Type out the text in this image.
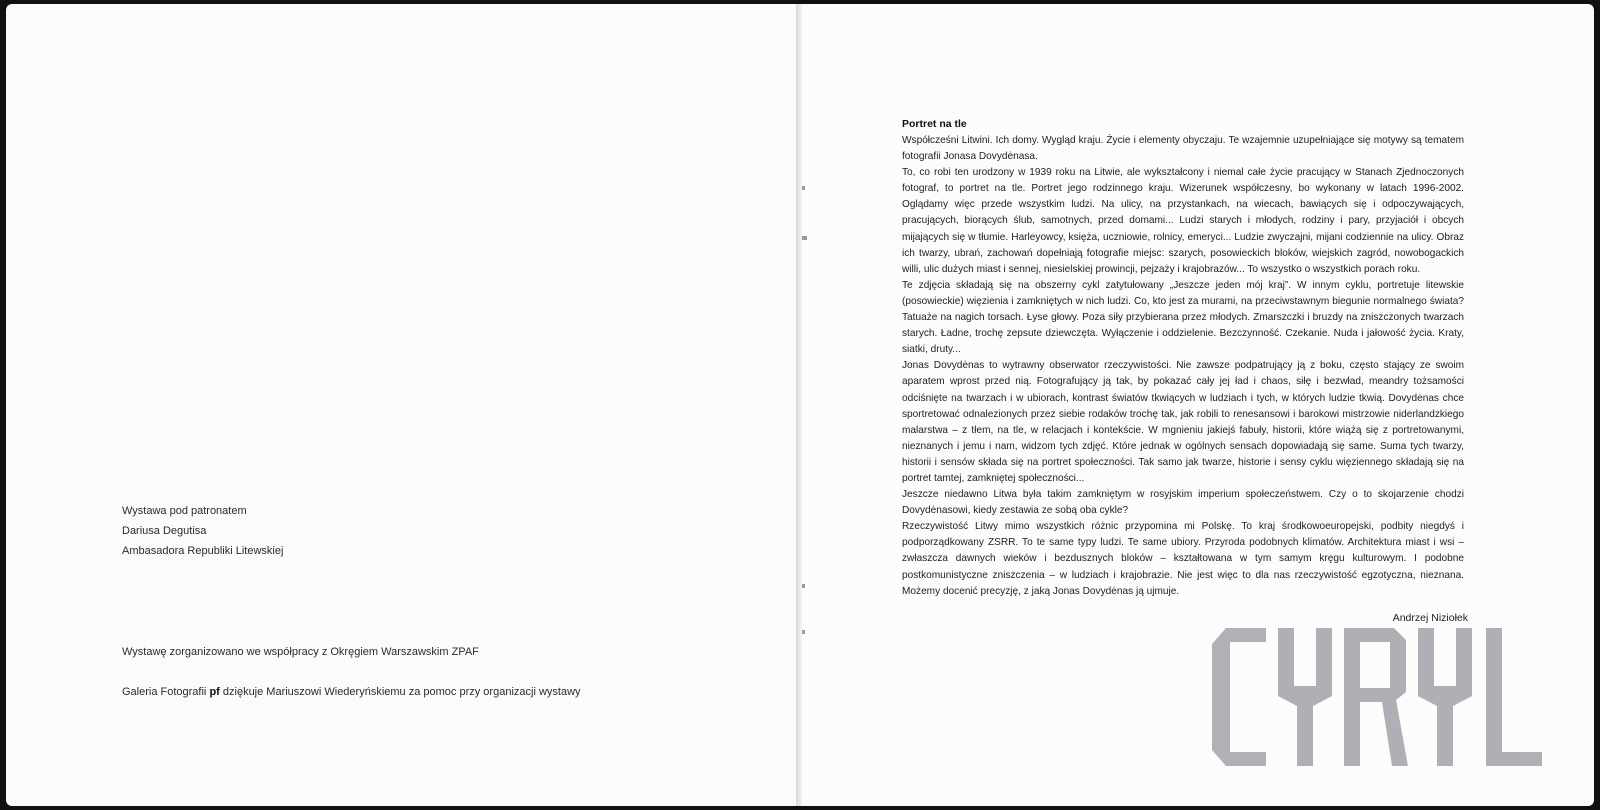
Wystawa pod patronatem
Dariusa Degutisa
Ambasadora Republiki Litewskiej
Wystawę zorganizowano we współpracy z Okręgiem Warszawskim ZPAF
Galeria Fotografii pf dziękuje Mariuszowi Wiederyńskiemu za pomoc przy organizacji wystawy
Portret na tle

Współcześni Litwini. Ich domy. Wygląd kraju. Życie i elementy obyczaju. Te wzajemnie uzupełniające się motywy są tematem fotografii Jonasa Dovydėnasa.

To, co robi ten urodzony w 1939 roku na Litwie, ale wykształcony i niemal całe życie pracujący w Stanach Zjednoczonych fotograf, to portret na tle. Portret jego rodzinnego kraju. Wizerunek współczesny, bo wykonany w latach 1996-2002. Oglądamy więc przede wszystkim ludzi. Na ulicy, na przystankach, na wiecach, bawiących się i odpoczywających, pracujących, biorących ślub, samotnych, przed domami... Ludzi starych i młodych, rodziny i pary, przyjaciół i obcych mijających się w tłumie. Harleyowcy, księża, uczniowie, rolnicy, emeryci... Ludzie zwyczajni, mijani codziennie na ulicy. Obraz ich twarzy, ubrań, zachowań dopełniają fotografie miejsc: szarych, posowieckich bloków, wiejskich zagród, nowobogackich willi, ulic dużych miast i sennej, niesielskiej prowincji, pejzaży i krajobrazów... To wszystko o wszystkich porach roku.

Te zdjęcia składają się na obszerny cykl zatytułowany „Jeszcze jeden mój kraj”. W innym cyklu, portretuje litewskie (posowieckie) więzienia i zamkniętych w nich ludzi. Co, kto jest za murami, na przeciwstawnym biegunie normalnego świata? Tatuaże na nagich torsach. Łyse głowy. Poza siły przybierana przez młodych. Zmarszczki i bruzdy na zniszczonych twarzach starych. Ładne, trochę zepsute dziewczęta. Wyłączenie i oddzielenie. Bezczynność. Czekanie. Nuda i jałowość życia. Kraty, siatki, druty...

Jonas Dovydėnas to wytrawny obserwator rzeczywistości. Nie zawsze podpatrujący ją z boku, często stający ze swoim aparatem wprost przed nią. Fotografujący ją tak, by pokazać cały jej ład i chaos, siłę i bezwład, meandry tożsamości odciśnięte na twarzach i w ubiorach, kontrast światów tkwiących w ludziach i tych, w których ludzie tkwią. Dovydėnas chce sportretować odnalezionych przez siebie rodaków trochę tak, jak robili to renesansowi i barokowi mistrzowie niderlandzkiego malarstwa – z tłem, na tle, w relacjach i kontekście. W mgnieniu jakiejś fabuły, historii, które wiążą się z portretowanymi, nieznanych i jemu i nam, widzom tych zdjęć. Które jednak w ogólnych sensach dopowiadają się same. Suma tych twarzy, historii i sensów składa się na portret społeczności. Tak samo jak twarze, historie i sensy cyklu więziennego składają się na portret tamtej, zamkniętej społeczności...

Jeszcze niedawno Litwa była takim zamkniętym w rosyjskim imperium społeczeństwem. Czy o to skojarzenie chodzi Dovydėnasowi, kiedy zestawia ze sobą oba cykle?

Rzeczywistość Litwy mimo wszystkich różnic przypomina mi Polskę. To kraj środkowoeuropejski, podbity niegdyś i podporządkowany ZSRR. To te same typy ludzi. Te same ubiory. Przyroda podobnych klimatów. Architektura miast i wsi – zwłaszcza dawnych wieków i bezdusznych bloków – kształtowana w tym samym kręgu kulturowym. I podobne postkomunistyczne zniszczenia – w ludziach i krajobrazie. Nie jest więc to dla nas rzeczywistość egzotyczna, nieznana. Możemy docenić precyzję, z jaką Jonas Dovydėnas ją ujmuje.

Andrzej Niziołek
